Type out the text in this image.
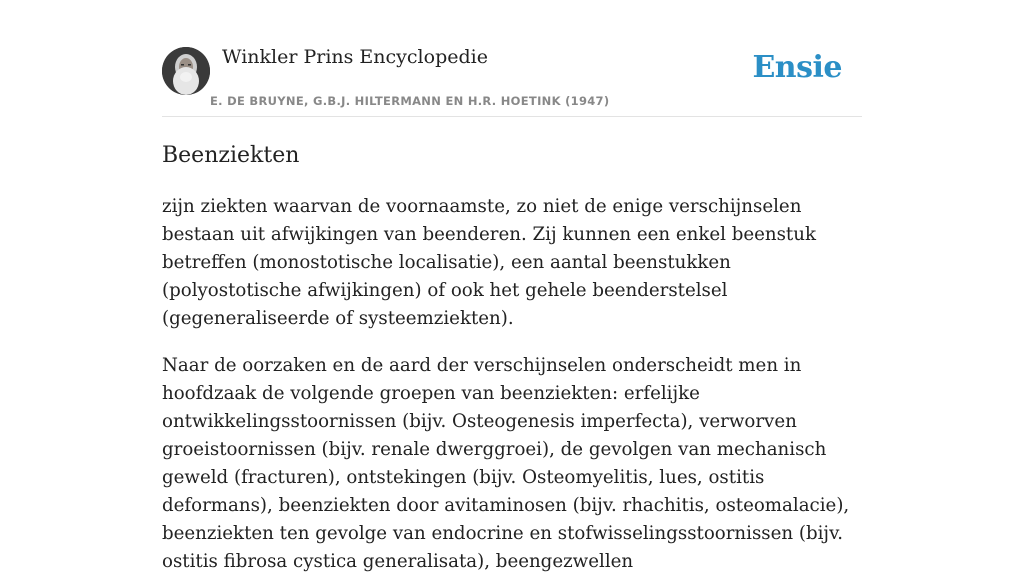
Winkler Prins Encyclopedie
E. DE BRUYNE, G.B.J. HILTERMANN EN H.R. HOETINK (1947)
Ensie
Beenziekten

zijn ziekten waarvan de voornaamste, zo niet de enige verschijnselen bestaan uit afwijkingen van beenderen. Zij kunnen een enkel beenstuk betreffen (monostotische localisatie), een aantal beenstukken (polyostotische afwijkingen) of ook het gehele beenderstelsel (gegeneraliseerde of systeemziekten).

Naar de oorzaken en de aard der verschijnselen onderscheidt men in hoofdzaak de volgende groepen van beenziekten: erfelijke ontwikkelingsstoornissen (bijv. Osteogenesis imperfecta), verworven groeistoornissen (bijv. renale dwerggroei), de gevolgen van mechanisch geweld (fracturen), ontstekingen (bijv. Osteomyelitis, lues, ostitis deformans), beenziekten door avitaminosen (bijv. rhachitis, osteomalacie), beenziekten ten gevolge van endocrine en stofwisselingsstoornissen (bijv. ostitis fibrosa cystica generalisata), beengezwellen
